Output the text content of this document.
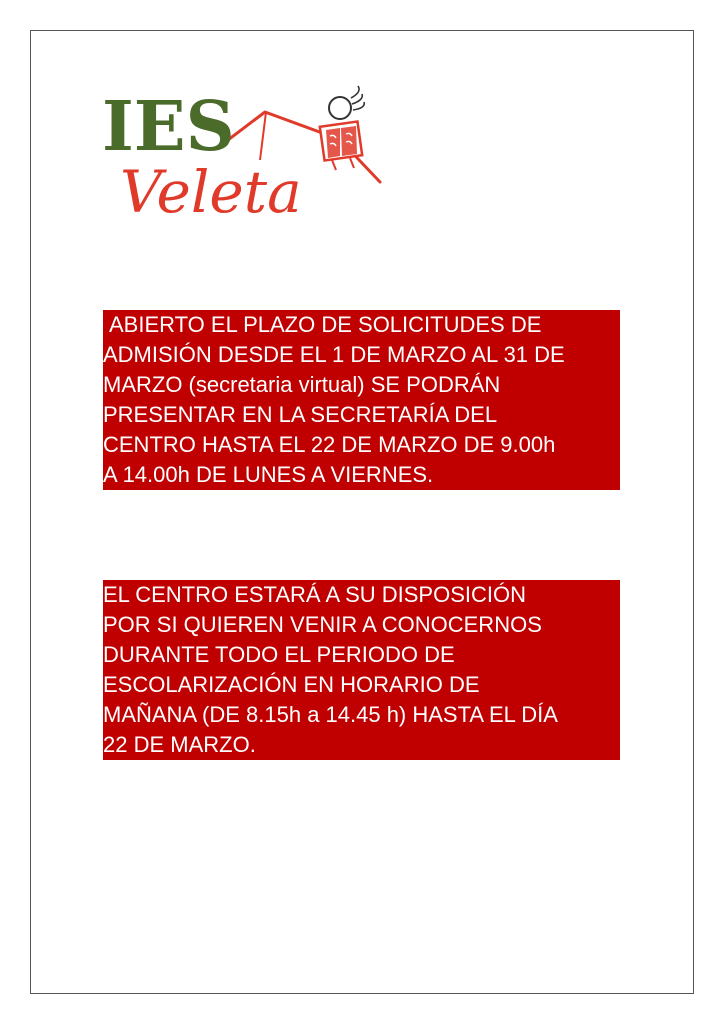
IES
Veleta
ABIERTO EL PLAZO DE SOLICITUDES DE
ADMISIÓN DESDE EL 1 DE MARZO AL 31 DE
MARZO (secretaria virtual) SE PODRÁN
PRESENTAR EN LA SECRETARÍA DEL
CENTRO HASTA EL 22 DE MARZO DE 9.00h
A 14.00h DE LUNES A VIERNES.
EL CENTRO ESTARÁ A SU DISPOSICIÓN
POR SI QUIEREN VENIR A CONOCERNOS
DURANTE TODO EL PERIODO DE
ESCOLARIZACIÓN EN HORARIO DE
MAÑANA (DE 8.15h a 14.45 h) HASTA EL DÍA
22 DE MARZO.
